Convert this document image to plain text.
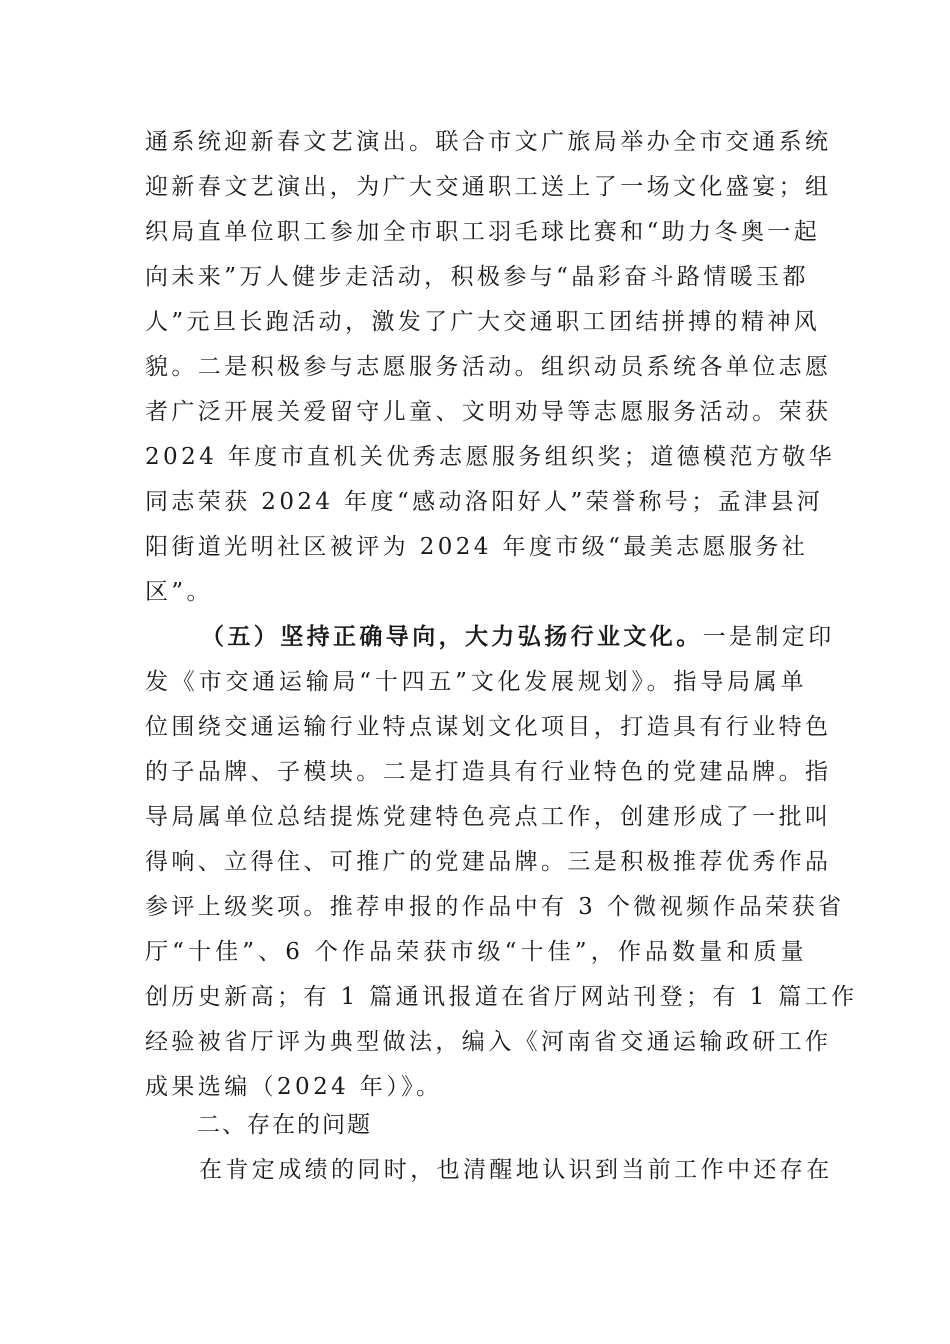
通系统迎新春文艺演出。联合市文广旅局举办全市交通系统
迎新春文艺演出，为广大交通职工送上了一场文化盛宴；组
织局直单位职工参加全市职工羽毛球比赛和“助力冬奥一起
向未来”万人健步走活动，积极参与“晶彩奋斗路情暖玉都
人”元旦长跑活动，激发了广大交通职工团结拼搏的精神风
貌。二是积极参与志愿服务活动。组织动员系统各单位志愿
者广泛开展关爱留守儿童、文明劝导等志愿服务活动。荣获
2024 年度市直机关优秀志愿服务组织奖；道德模范方敬华
同志荣获 2024 年度“感动洛阳好人”荣誉称号；孟津县河
阳街道光明社区被评为 2024 年度市级“最美志愿服务社
区”。
（五）坚持正确导向，大力弘扬行业文化。 一是制定印
发《市交通运输局“十四五”文化发展规划》。指导局属单
位围绕交通运输行业特点谋划文化项目，打造具有行业特色
的子品牌、子模块。二是打造具有行业特色的党建品牌。指
导局属单位总结提炼党建特色亮点工作，创建形成了一批叫
得响、立得住、可推广的党建品牌。三是积极推荐优秀作品
参评上级奖项。推荐申报的作品中有 3 个微视频作品荣获省
厅“十佳”、6 个作品荣获市级“十佳”，作品数量和质量
创历史新高；有 1 篇通讯报道在省厅网站刊登；有 1 篇工作
经验被省厅评为典型做法，编入《河南省交通运输政研工作
成果选编（2024 年）》。
二、存在的问题
在肯定成绩的同时，也清醒地认识到当前工作中还存在
